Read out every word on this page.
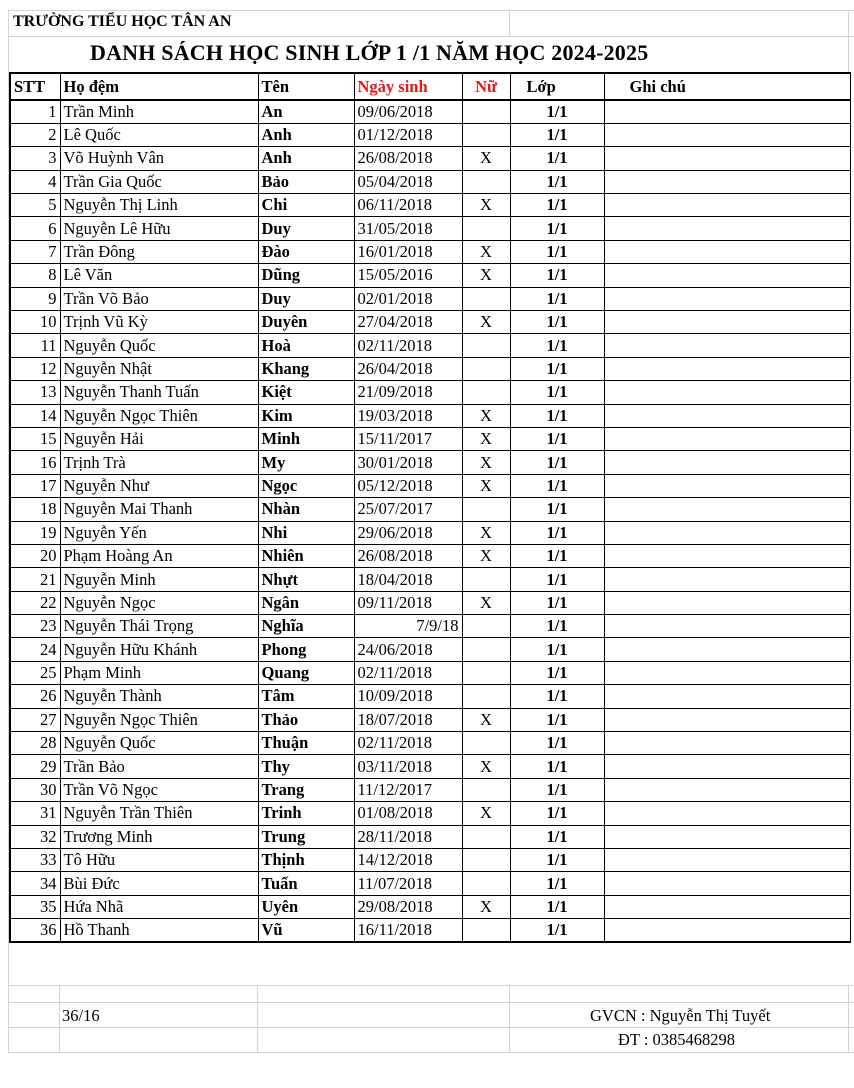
TRƯỜNG TIỂU HỌC TÂN AN
DANH SÁCH HỌC SINH LỚP 1 /1 NĂM HỌC 2024-2025
STT	Họ đệm	Tên	Ngày sinh	Nữ	Lớp	Ghi chú
1	Trần Minh	An	09/06/2018		1/1	
2	Lê Quốc	Anh	01/12/2018		1/1	
3	Võ Huỳnh Vân	Anh	26/08/2018	X	1/1	
4	Trần Gia Quốc	Bảo	05/04/2018		1/1	
5	Nguyễn Thị Linh	Chi	06/11/2018	X	1/1	
6	Nguyễn Lê Hữu	Duy	31/05/2018		1/1	
7	Trần Đông	Đào	16/01/2018	X	1/1	
8	Lê Văn	Dũng	15/05/2016	X	1/1	
9	Trần Võ Bảo	Duy	02/01/2018		1/1	
10	Trịnh Vũ Kỳ	Duyên	27/04/2018	X	1/1	
11	Nguyễn Quốc	Hoà	02/11/2018		1/1	
12	Nguyễn Nhật	Khang	26/04/2018		1/1	
13	Nguyễn Thanh Tuấn	Kiệt	21/09/2018		1/1	
14	Nguyễn Ngọc Thiên	Kim	19/03/2018	X	1/1	
15	Nguyễn Hải	Minh	15/11/2017	X	1/1	
16	Trịnh Trà	My	30/01/2018	X	1/1	
17	Nguyễn Như	Ngọc	05/12/2018	X	1/1	
18	Nguyễn Mai Thanh	Nhàn	25/07/2017		1/1	
19	Nguyễn Yến	Nhi	29/06/2018	X	1/1	
20	Phạm Hoàng An	Nhiên	26/08/2018	X	1/1	
21	Nguyễn Minh	Nhựt	18/04/2018		1/1	
22	Nguyễn Ngọc	Ngân	09/11/2018	X	1/1	
23	Nguyễn Thái Trọng	Nghĩa	7/9/18		1/1	
24	Nguyễn Hữu Khánh	Phong	24/06/2018		1/1	
25	Phạm Minh	Quang	02/11/2018		1/1	
26	Nguyễn Thành	Tâm	10/09/2018		1/1	
27	Nguyễn Ngọc Thiên	Thảo	18/07/2018	X	1/1	
28	Nguyễn Quốc	Thuận	02/11/2018		1/1	
29	Trần Bảo	Thy	03/11/2018	X	1/1	
30	Trần Võ Ngọc	Trang	11/12/2017		1/1	
31	Nguyễn Trần Thiên	Trinh	01/08/2018	X	1/1	
32	Trương Minh	Trung	28/11/2018		1/1	
33	Tô Hữu	Thịnh	14/12/2018		1/1	
34	Bùi Đức	Tuấn	11/07/2018		1/1	
35	Hứa Nhã	Uyên	29/08/2018	X	1/1	
36	Hồ Thanh	Vũ	16/11/2018		1/1	
36/16	GVCN : Nguyễn Thị Tuyết
ĐT : 0385468298
